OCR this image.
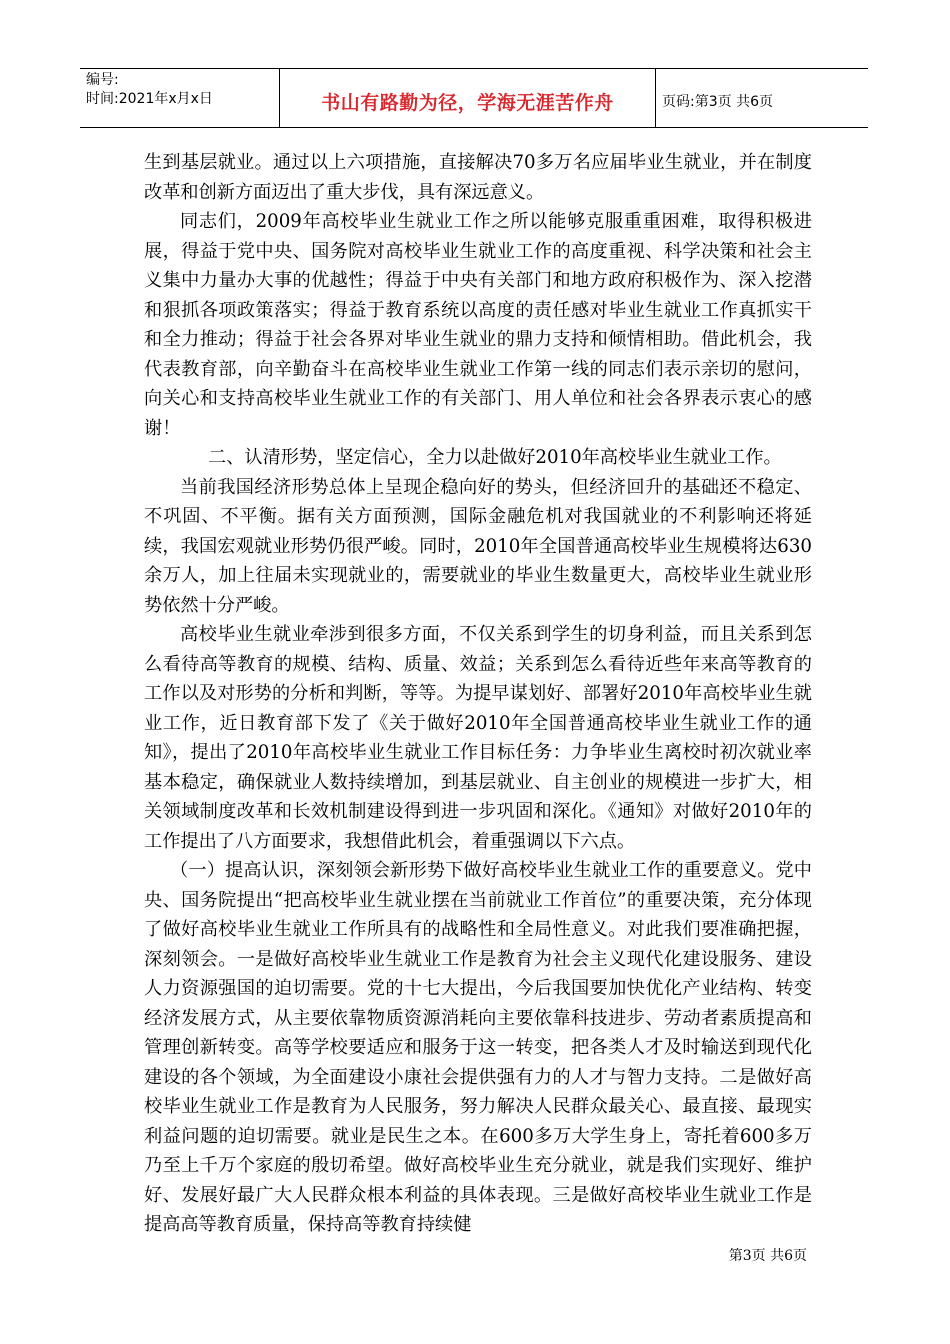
编号:
时间:2021年x月x日	书山有路勤为径，学海无涯苦作舟	页码:第3页 共6页

生到基层就业。通过以上六项措施，直接解决70多万名应届毕业生就业，并在制度改革和创新方面迈出了重大步伐，具有深远意义。

同志们，2009年高校毕业生就业工作之所以能够克服重重困难，取得积极进展，得益于党中央、国务院对高校毕业生就业工作的高度重视、科学决策和社会主义集中力量办大事的优越性；得益于中央有关部门和地方政府积极作为、深入挖潜和狠抓各项政策落实；得益于教育系统以高度的责任感对毕业生就业工作真抓实干和全力推动；得益于社会各界对毕业生就业的鼎力支持和倾情相助。借此机会，我代表教育部，向辛勤奋斗在高校毕业生就业工作第一线的同志们表示亲切的慰问，向关心和支持高校毕业生就业工作的有关部门、用人单位和社会各界表示衷心的感谢！

二、认清形势，坚定信心，全力以赴做好2010年高校毕业生就业工作。

当前我国经济形势总体上呈现企稳向好的势头，但经济回升的基础还不稳定、不巩固、不平衡。据有关方面预测，国际金融危机对我国就业的不利影响还将延续，我国宏观就业形势仍很严峻。同时，2010年全国普通高校毕业生规模将达630余万人，加上往届未实现就业的，需要就业的毕业生数量更大，高校毕业生就业形势依然十分严峻。

高校毕业生就业牵涉到很多方面，不仅关系到学生的切身利益，而且关系到怎么看待高等教育的规模、结构、质量、效益；关系到怎么看待近些年来高等教育的工作以及对形势的分析和判断，等等。为提早谋划好、部署好2010年高校毕业生就业工作，近日教育部下发了《关于做好2010年全国普通高校毕业生就业工作的通知》，提出了2010年高校毕业生就业工作目标任务：力争毕业生离校时初次就业率基本稳定，确保就业人数持续增加，到基层就业、自主创业的规模进一步扩大，相关领域制度改革和长效机制建设得到进一步巩固和深化。《通知》对做好2010年的工作提出了八方面要求，我想借此机会，着重强调以下六点。

（一）提高认识，深刻领会新形势下做好高校毕业生就业工作的重要意义。党中央、国务院提出“把高校毕业生就业摆在当前就业工作首位”的重要决策，充分体现了做好高校毕业生就业工作所具有的战略性和全局性意义。对此我们要准确把握，深刻领会。一是做好高校毕业生就业工作是教育为社会主义现代化建设服务、建设人力资源强国的迫切需要。党的十七大提出，今后我国要加快优化产业结构、转变经济发展方式，从主要依靠物质资源消耗向主要依靠科技进步、劳动者素质提高和管理创新转变。高等学校要适应和服务于这一转变，把各类人才及时输送到现代化建设的各个领域，为全面建设小康社会提供强有力的人才与智力支持。二是做好高校毕业生就业工作是教育为人民服务，努力解决人民群众最关心、最直接、最现实利益问题的迫切需要。就业是民生之本。在600多万大学生身上，寄托着600多万乃至上千万个家庭的殷切希望。做好高校毕业生充分就业，就是我们实现好、维护好、发展好最广大人民群众根本利益的具体表现。三是做好高校毕业生就业工作是提高高等教育质量，保持高等教育持续健

第3页 共6页
